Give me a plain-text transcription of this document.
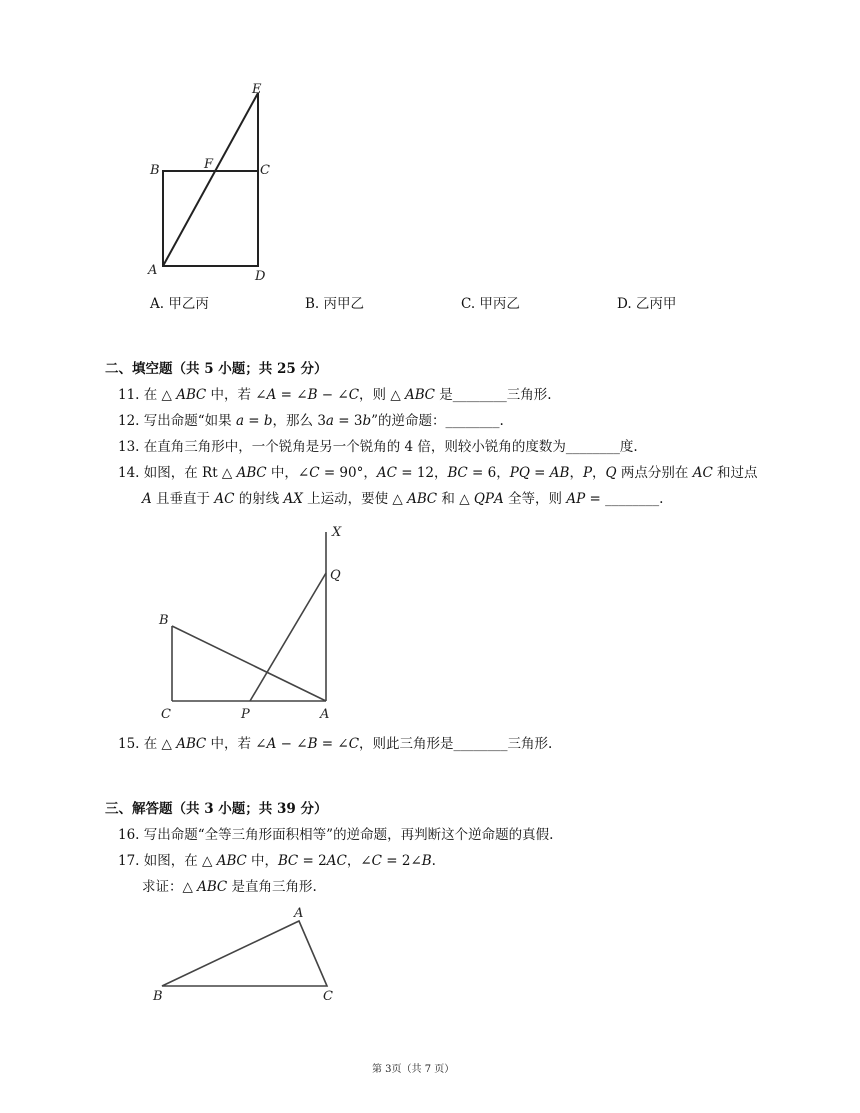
E
B	F	C
A	D
A. 甲乙丙	B. 丙甲乙	C. 甲丙乙	D. 乙丙甲
二、填空题（共 5 小题；共 25 分）
11. 在 △ 𝐴𝐵𝐶 中，若 ∠𝐴 = ∠𝐵 − ∠𝐶，则 △ 𝐴𝐵𝐶 是________三角形.
12. 写出命题“如果 𝑎 = 𝑏，那么 3𝑎 = 3𝑏”的逆命题：________.
13. 在直角三角形中，一个锐角是另一个锐角的 4 倍，则较小锐角的度数为________度.
14. 如图，在 Rt △ 𝐴𝐵𝐶 中，∠𝐶 = 90°，𝐴𝐶 = 12，𝐵𝐶 = 6，𝑃𝑄 = 𝐴𝐵，𝑃，𝑄 两点分别在 𝐴𝐶 和过点
𝐴 且垂直于 𝐴𝐶 的射线 𝐴𝑋 上运动，要使 △ 𝐴𝐵𝐶 和 △ 𝑄𝑃𝐴 全等，则 𝐴𝑃 = ________.
X
Q
B
C	P	A
15. 在 △ 𝐴𝐵𝐶 中，若 ∠𝐴 − ∠𝐵 = ∠𝐶，则此三角形是________三角形.
三、解答题（共 3 小题；共 39 分）
16. 写出命题“全等三角形面积相等”的逆命题，再判断这个逆命题的真假.
17. 如图，在 △ 𝐴𝐵𝐶 中，𝐵𝐶 = 2𝐴𝐶，∠𝐶 = 2∠𝐵.
求证：△ 𝐴𝐵𝐶 是直角三角形.
A
B	C
第 3页（共 7 页）
